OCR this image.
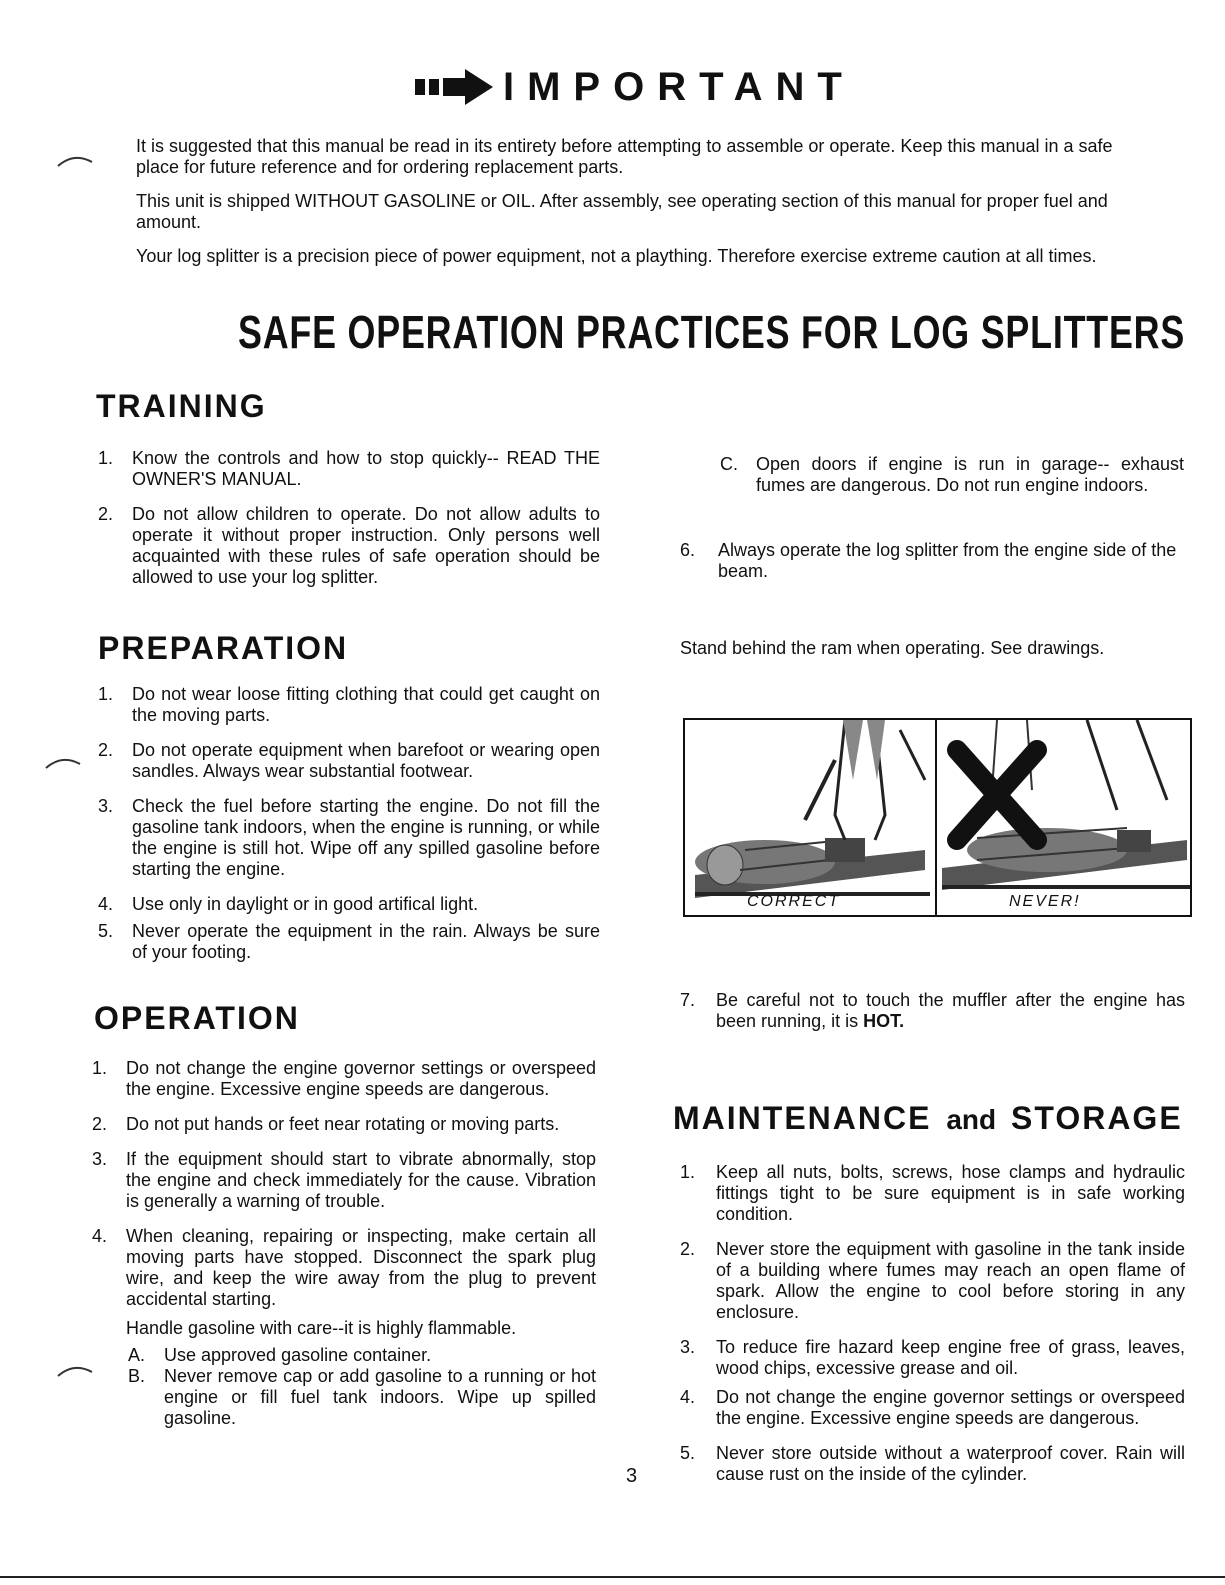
IMPORTANT

It is suggested that this manual be read in its entirety before attempting to assemble or operate. Keep this manual in a safe place for future reference and for ordering replacement parts.

This unit is shipped WITHOUT GASOLINE or OIL. After assembly, see operating section of this manual for proper fuel and amount.

Your log splitter is a precision piece of power equipment, not a plaything. Therefore exercise extreme caution at all times.

SAFE OPERATION PRACTICES FOR LOG SPLITTERS
TRAINING
1. Know the controls and how to stop quickly-- READ THE OWNER'S MANUAL.
2. Do not allow children to operate. Do not allow adults to operate it without proper instruction. Only persons well acquainted with these rules of safe operation should be allowed to use your log splitter.
PREPARATION
1. Do not wear loose fitting clothing that could get caught on the moving parts.
2. Do not operate equipment when barefoot or wearing open sandles. Always wear substantial footwear.
3. Check the fuel before starting the engine. Do not fill the gasoline tank indoors, when the engine is running, or while the engine is still hot. Wipe off any spilled gasoline before starting the engine.
4. Use only in daylight or in good artifical light.
5. Never operate the equipment in the rain. Always be sure of your footing.
OPERATION
1. Do not change the engine governor settings or overspeed the engine. Excessive engine speeds are dangerous.
2. Do not put hands or feet near rotating or moving parts.
3. If the equipment should start to vibrate abnormally, stop the engine and check immediately for the cause. Vibration is generally a warning of trouble.
4. When cleaning, repairing or inspecting, make certain all moving parts have stopped. Disconnect the spark plug wire, and keep the wire away from the plug to prevent accidental starting.

Handle gasoline with care--it is highly flammable.

A. Use approved gasoline container.
B. Never remove cap or add gasoline to a running or hot engine or fill fuel tank indoors. Wipe up spilled gasoline.
C. Open doors if engine is run in garage-- exhaust fumes are dangerous. Do not run engine indoors.
6. Always operate the log splitter from the engine side of the beam.
Stand behind the ram when operating. See drawings.
CORRECT	NEVER!
7. Be careful not to touch the muffler after the engine has been running, it is HOT.
MAINTENANCE and STORAGE
1. Keep all nuts, bolts, screws, hose clamps and hydraulic fittings tight to be sure equipment is in safe working condition.
2. Never store the equipment with gasoline in the tank inside of a building where fumes may reach an open flame of spark. Allow the engine to cool before storing in any enclosure.
3. To reduce fire hazard keep engine free of grass, leaves, wood chips, excessive grease and oil.
4. Do not change the engine governor settings or overspeed the engine. Excessive engine speeds are dangerous.
5. Never store outside without a waterproof cover. Rain will cause rust on the inside of the cylinder.
3
